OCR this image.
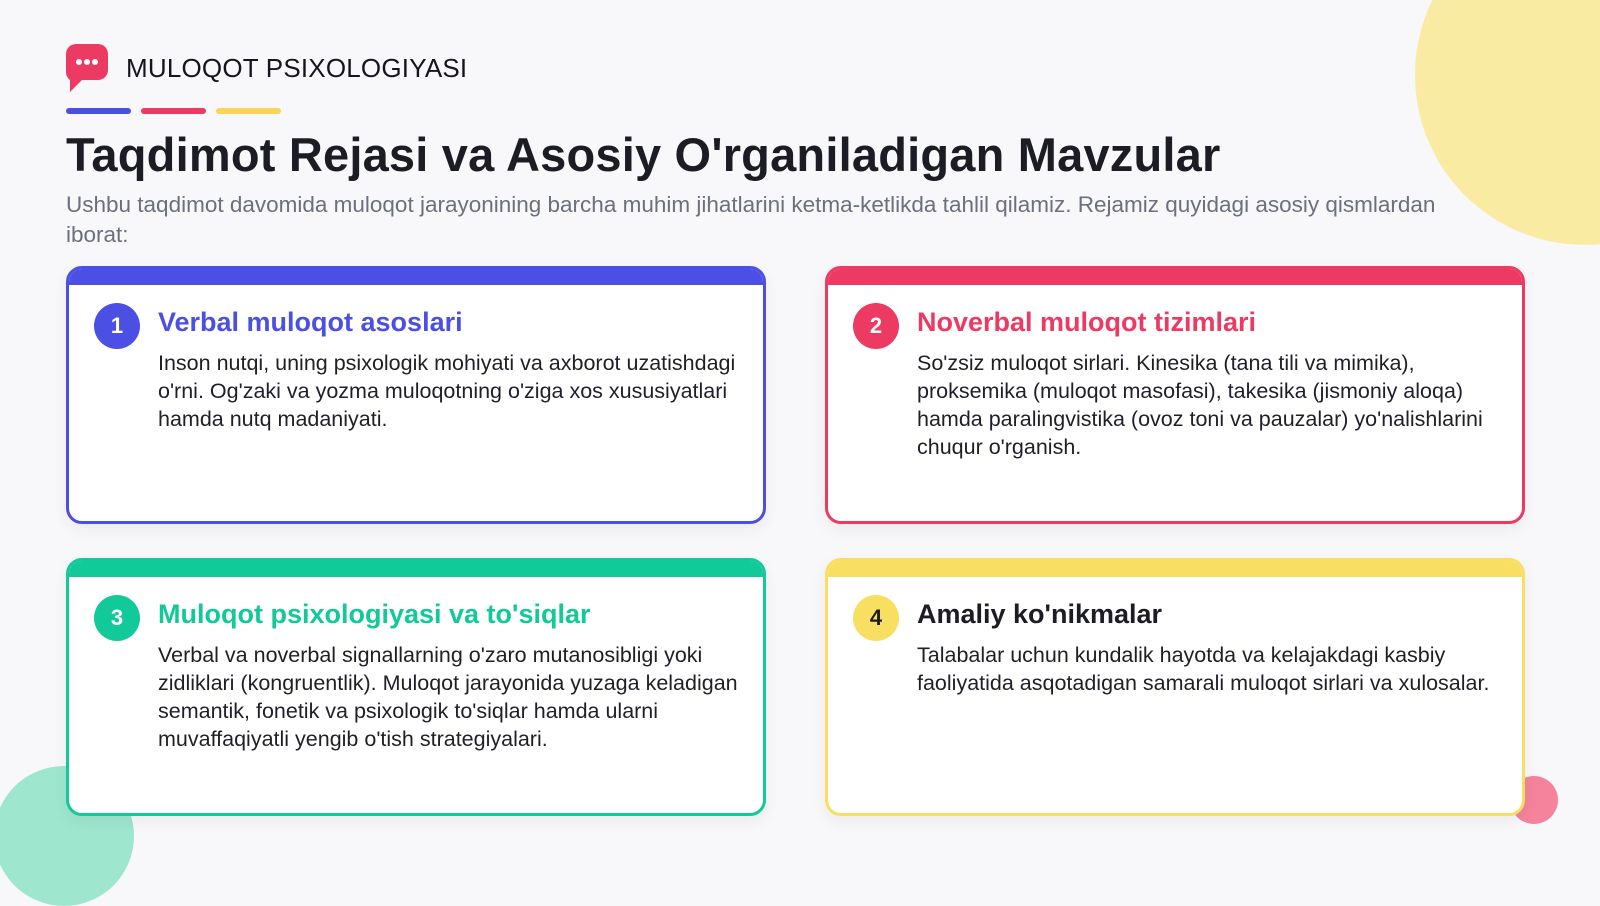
MULOQOT PSIXOLOGIYASI
Taqdimot Rejasi va Asosiy O'rganiladigan Mavzular

Ushbu taqdimot davomida muloqot jarayonining barcha muhim jihatlarini ketma-ketlikda tahlil qilamiz. Rejamiz quyidagi asosiy qismlardan iborat:

1	Verbal muloqot asoslari

Inson nutqi, uning psixologik mohiyati va axborot uzatishdagi o'rni. Og'zaki va yozma muloqotning o'ziga xos xususiyatlari hamda nutq madaniyati.

2	Noverbal muloqot tizimlari

So'zsiz muloqot sirlari. Kinesika (tana tili va mimika), proksemika (muloqot masofasi), takesika (jismoniy aloqa) hamda paralingvistika (ovoz toni va pauzalar) yo'nalishlarini chuqur o'rganish.

3	Muloqot psixologiyasi va to'siqlar

Verbal va noverbal signallarning o'zaro mutanosibligi yoki zidliklari (kongruentlik). Muloqot jarayonida yuzaga keladigan semantik, fonetik va psixologik to'siqlar hamda ularni muvaffaqiyatli yengib o'tish strategiyalari.

4	Amaliy ko'nikmalar

Talabalar uchun kundalik hayotda va kelajakdagi kasbiy faoliyatida asqotadigan samarali muloqot sirlari va xulosalar.
